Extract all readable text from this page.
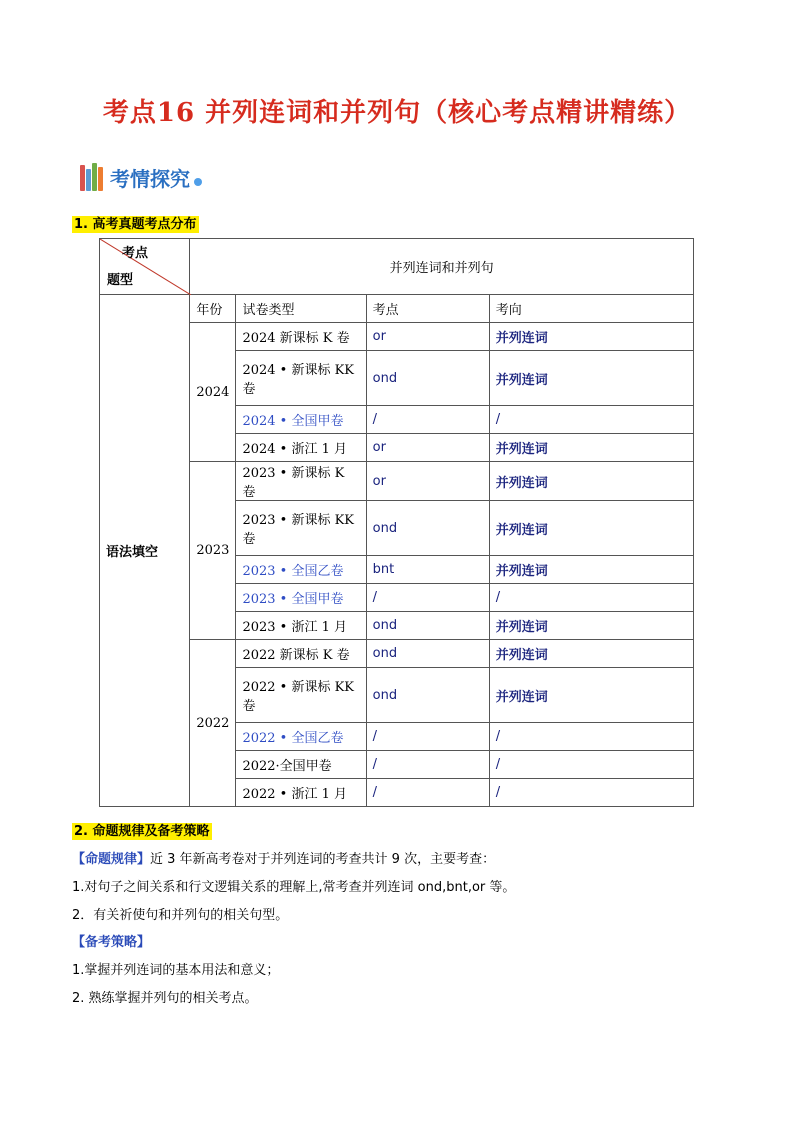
考点16 并列连词和并列句（核心考点精讲精练）
考情探究
1. 高考真题考点分布
考点
题型	并列连词和并列句			
语法填空	年份	试卷类型	考点	考向
	2024	2024 新课标 K 卷	or	并列连词
		2024 • 新课标 KK 卷	ond	并列连词
		2024 • 全国甲卷	/	/
		2024 • 浙江 1 月	or	并列连词
	2023	2023 • 新课标 K 卷	or	并列连词
		2023 • 新课标 KK 卷	ond	并列连词
		2023 • 全国乙卷	bnt	并列连词
		2023 • 全国甲卷	/	/
		2023 • 浙江 1 月	ond	并列连词
	2022	2022 新课标 K 卷	ond	并列连词
		2022 • 新课标 KK 卷	ond	并列连词
		2022 • 全国乙卷	/	/
		2022·全国甲卷	/	/
		2022 • 浙江 1 月	/	/
2. 命题规律及备考策略
【命题规律】近 3 年新高考卷对于并列连词的考查共计 9 次，主要考查：
1.对句子之间关系和行文逻辑关系的理解上,常考查并列连词 ond,bnt,or 等。
2．有关祈使句和并列句的相关句型。
【备考策略】
1.掌握并列连词的基本用法和意义；
2. 熟练掌握并列句的相关考点。
